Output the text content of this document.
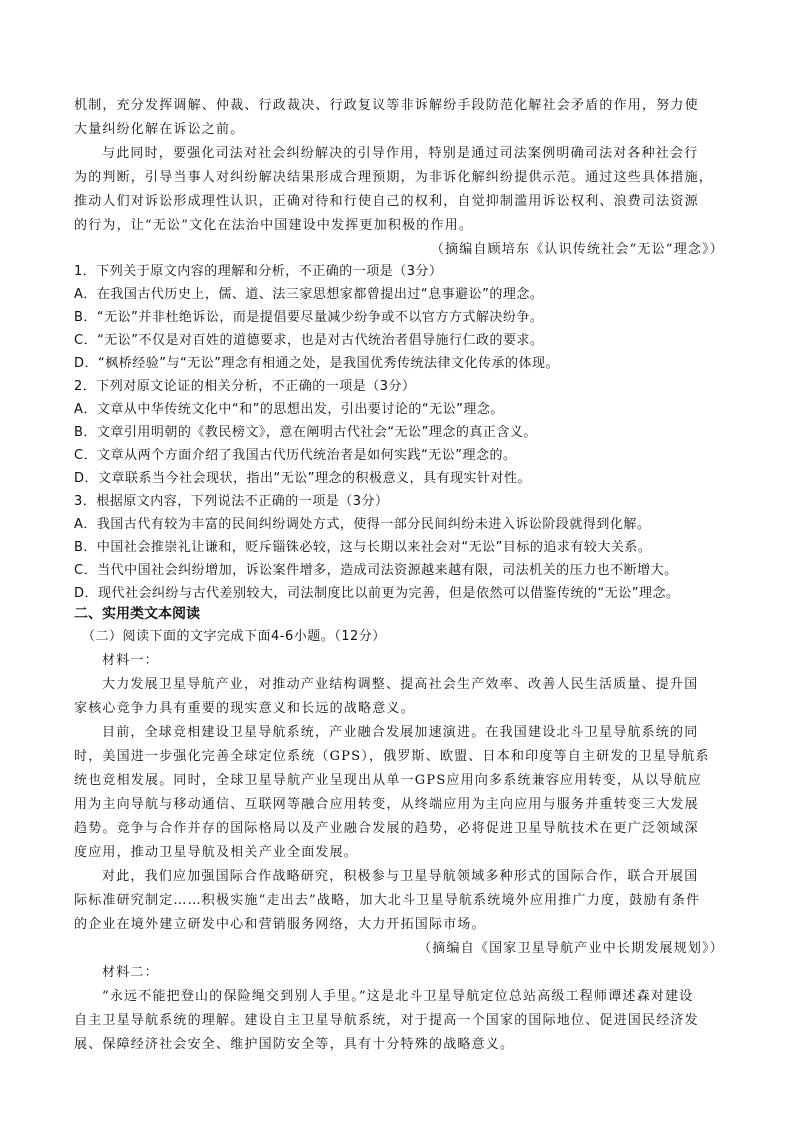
机制，充分发挥调解、仲裁、行政裁决、行政复议等非诉解纷手段防范化解社会矛盾的作用，努力使
大量纠纷化解在诉讼之前。
与此同时，要强化司法对社会纠纷解决的引导作用，特别是通过司法案例明确司法对各种社会行
为的判断，引导当事人对纠纷解决结果形成合理预期，为非诉化解纠纷提供示范。通过这些具体措施，
推动人们对诉讼形成理性认识，正确对待和行使自己的权利，自觉抑制滥用诉讼权利、浪费司法资源
的行为，让“无讼”文化在法治中国建设中发挥更加积极的作用。
（摘编自顾培东《认识传统社会“无讼”理念》）
1．下列关于原文内容的理解和分析，不正确的一项是（3分）
A．在我国古代历史上，儒、道、法三家思想家都曾提出过“息事避讼”的理念。
B．“无讼”并非杜绝诉讼，而是提倡要尽量减少纷争或不以官方方式解决纷争。
C．“无讼”不仅是对百姓的道德要求，也是对古代统治者倡导施行仁政的要求。
D．“枫桥经验”与“无讼”理念有相通之处，是我国优秀传统法律文化传承的体现。
2．下列对原文论证的相关分析，不正确的一项是（3分）
A．文章从中华传统文化中“和”的思想出发，引出要讨论的“无讼”理念。
B．文章引用明朝的《教民榜文》，意在阐明古代社会“无讼”理念的真正含义。
C．文章从两个方面介绍了我国古代历代统治者是如何实践“无讼”理念的。
D．文章联系当今社会现状，指出“无讼”理念的积极意义，具有现实针对性。
3．根据原文内容，下列说法不正确的一项是（3分）
A．我国古代有较为丰富的民间纠纷调处方式，使得一部分民间纠纷未进入诉讼阶段就得到化解。
B．中国社会推崇礼让谦和，贬斥锱铢必较，这与长期以来社会对“无讼”目标的追求有较大关系。
C．当代中国社会纠纷增加，诉讼案件增多，造成司法资源越来越有限，司法机关的压力也不断增大。
D．现代社会纠纷与古代差别较大，司法制度比以前更为完善，但是依然可以借鉴传统的“无讼”理念。
二、实用类文本阅读
（二）阅读下面的文字完成下面4-6小题。（12分）
材料一：
大力发展卫星导航产业，对推动产业结构调整、提高社会生产效率、改善人民生活质量、提升国
家核心竞争力具有重要的现实意义和长远的战略意义。
目前，全球竞相建设卫星导航系统，产业融合发展加速演进。在我国建设北斗卫星导航系统的同
时，美国进一步强化完善全球定位系统（GPS），俄罗斯、欧盟、日本和印度等自主研发的卫星导航系
统也竞相发展。同时，全球卫星导航产业呈现出从单一GPS应用向多系统兼容应用转变，从以导航应
用为主向导航与移动通信、互联网等融合应用转变，从终端应用为主向应用与服务并重转变三大发展
趋势。竞争与合作并存的国际格局以及产业融合发展的趋势，必将促进卫星导航技术在更广泛领域深
度应用，推动卫星导航及相关产业全面发展。
对此，我们应加强国际合作战略研究，积极参与卫星导航领域多种形式的国际合作，联合开展国
际标准研究制定……积极实施“走出去”战略，加大北斗卫星导航系统境外应用推广力度，鼓励有条件
的企业在境外建立研发中心和营销服务网络，大力开拓国际市场。
（摘编自《国家卫星导航产业中长期发展规划》）
材料二：
“永远不能把登山的保险绳交到别人手里。”这是北斗卫星导航定位总站高级工程师谭述森对建设
自主卫星导航系统的理解。建设自主卫星导航系统，对于提高一个国家的国际地位、促进国民经济发
展、保障经济社会安全、维护国防安全等，具有十分特殊的战略意义。
